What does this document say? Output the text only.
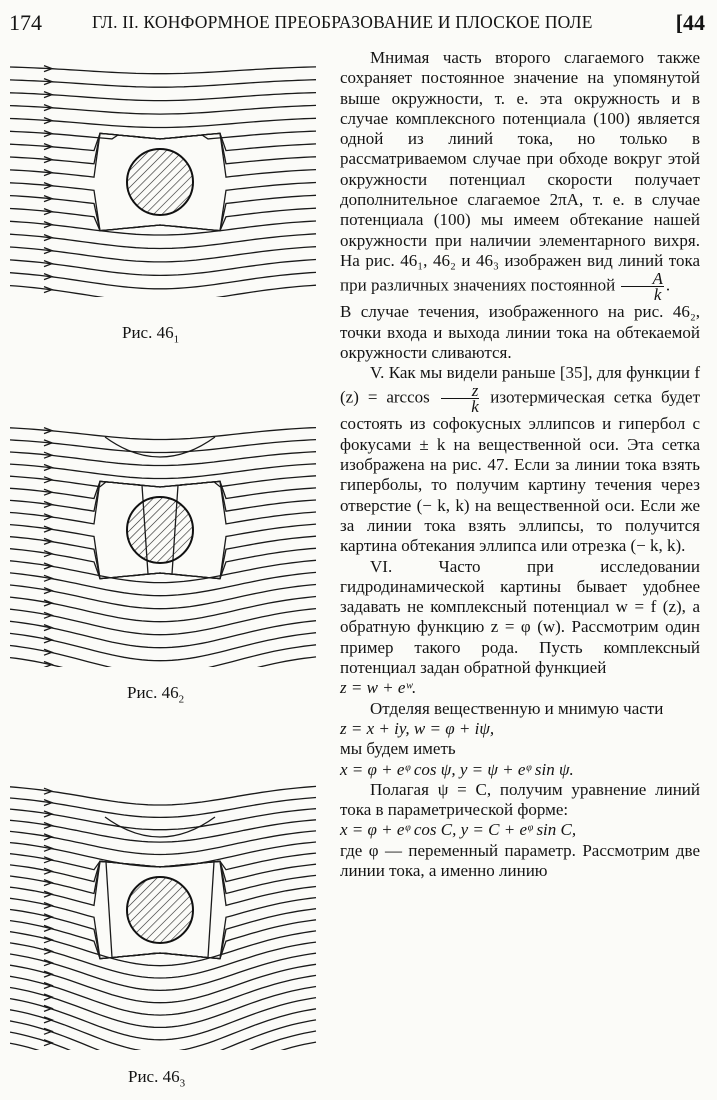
174	ГЛ. II. КОНФОРМНОЕ ПРЕОБРАЗОВАНИЕ И ПЛОСКОЕ ПОЛЕ	[44
Рис. $46_1$
Рис. $46_2$
Рис. $46_3$

Мнимая часть второго слагаемого также сохраняет постоянное значение на упомянутой выше окружности, т. е. эта окружность и в случае комплексного потенциала (100) является одной из линий тока, но только в рассматриваемом случае при обходе вокруг этой окружности потенциал скорости получает дополнительное слагаемое 2πA, т. е. в случае потенциала (100) мы имеем обтекание нашей окружности при наличии элементарного вихря. На рис. 46₁, 46₂ и 46₃ изображен вид линий тока при различных значениях постоянной $\frac{A}{k}$ .

В случае течения, изображенного на рис. 46₂, точки входа и выхода линии тока на обтекаемой окружности сливаются.

V. Как мы видели раньше [35], для функции f $(z) = \arccos \frac{z}{k}$ изотермическая сетка будет состоять из софокусных эллипсов и гипербол с фокусами ± k на вещественной оси. Эта сетка изображена на рис. 47. Если за линии тока взять гиперболы, то получим картину течения через отверстие (− k, k) на вещественной оси. Если же за линии тока взять эллипсы, то получится картина обтекания эллипса или отрезка (− k, k).

VI. Часто при исследовании гидродинамической картины бывает удобнее задавать не комплексный потенциал w = f (z), а обратную функцию z = φ (w). Рассмотрим один пример такого рода. Пусть комплексный потенциал задан обратной функцией

z = w + eʷ.

Отделяя вещественную и мнимую части

z = x + iy, w = φ + iψ,

мы будем иметь

x = φ + eᵠ cos ψ, y = ψ + eᵠ sin ψ.

Полагая ψ = C, получим уравнение линий тока в параметрической форме:

x = φ + eᵠ cos C, y = C + eᵠ sin C,

где φ — переменный параметр. Рассмотрим две линии тока, а именно линию
